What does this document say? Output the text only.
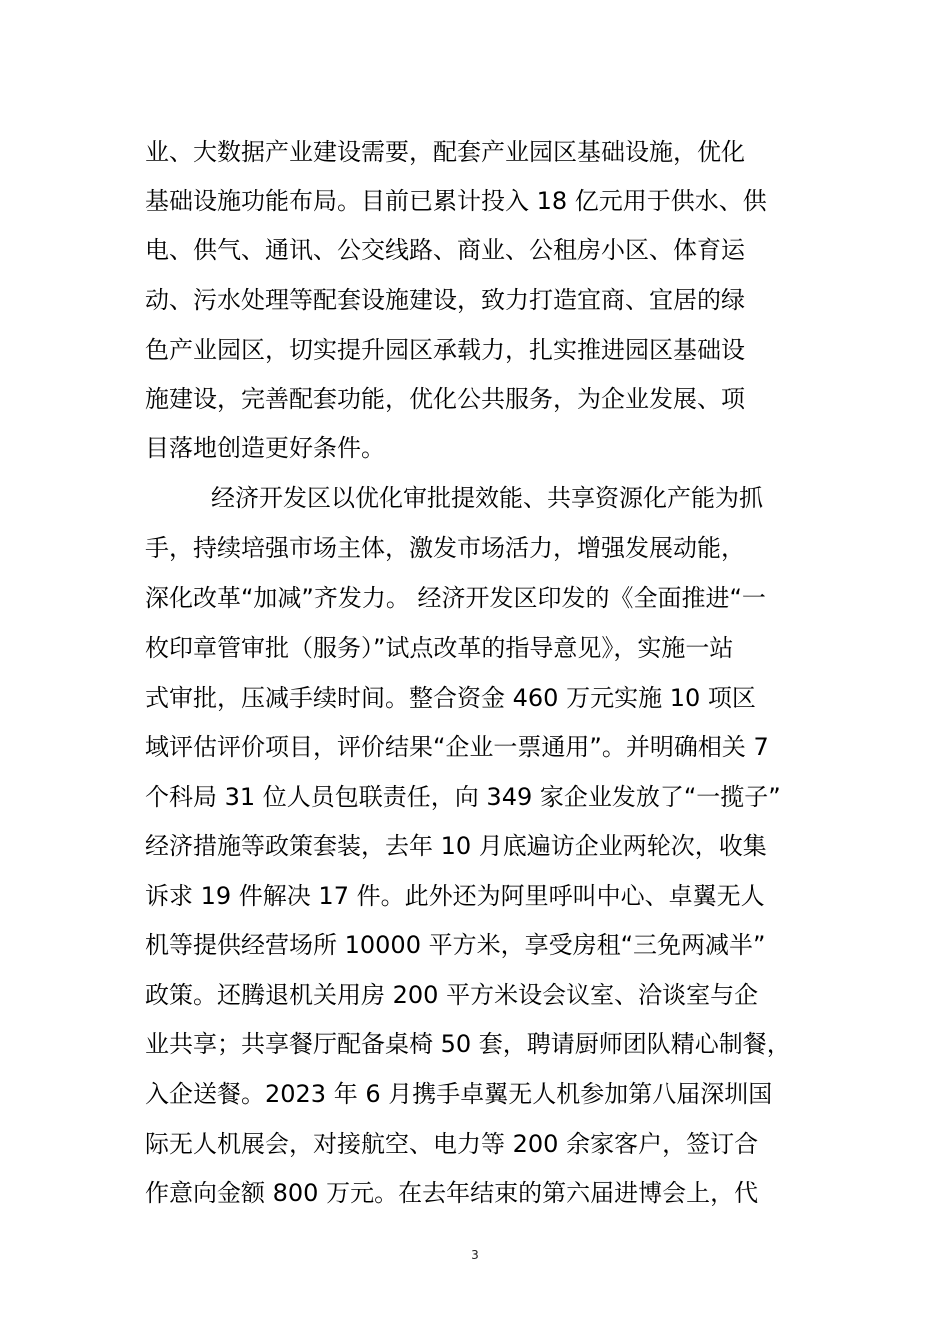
业、大数据产业建设需要，配套产业园区基础设施，优化
基础设施功能布局。目前已累计投入 18 亿元用于供水、供
电、供气、通讯、公交线路、商业、公租房小区、体育运
动、污水处理等配套设施建设，致力打造宜商、宜居的绿
色产业园区，切实提升园区承载力，扎实推进园区基础设
施建设，完善配套功能，优化公共服务，为企业发展、项
目落地创造更好条件。
经济开发区以优化审批提效能、共享资源化产能为抓
手，持续培强市场主体，激发市场活力，增强发展动能，
深化改革“加减”齐发力。 经济开发区印发的《全面推进“一
枚印章管审批（服务）”试点改革的指导意见》，实施一站
式审批，压减手续时间。整合资金 460 万元实施 10 项区
域评估评价项目，评价结果“企业一票通用”。并明确相关 7
个科局 31 位人员包联责任，向 349 家企业发放了“一揽子”
经济措施等政策套装，去年 10 月底遍访企业两轮次，收集
诉求 19 件解决 17 件。此外还为阿里呼叫中心、卓翼无人
机等提供经营场所 10000 平方米，享受房租“三免两减半”
政策。还腾退机关用房 200 平方米设会议室、洽谈室与企
业共享；共享餐厅配备桌椅 50 套，聘请厨师团队精心制餐，
入企送餐。2023 年 6 月携手卓翼无人机参加第八届深圳国
际无人机展会，对接航空、电力等 200 余家客户，签订合
作意向金额 800 万元。在去年结束的第六届进博会上，代
3
